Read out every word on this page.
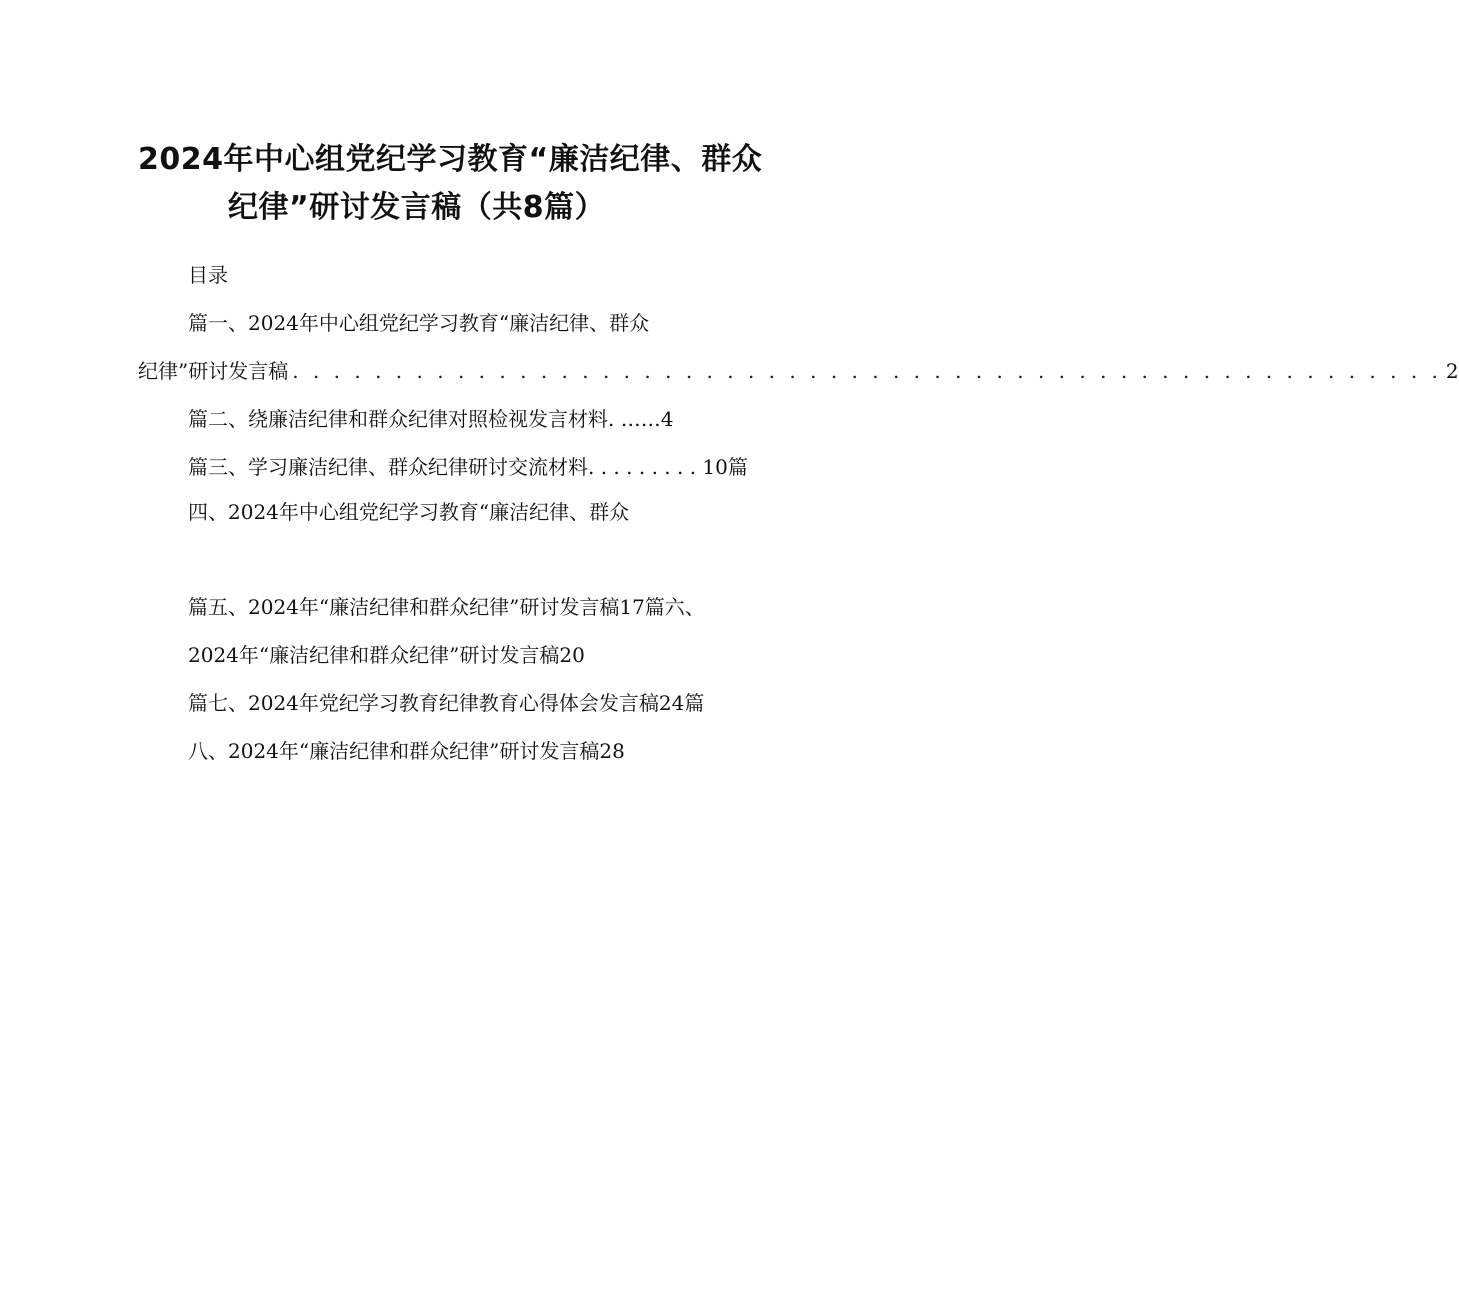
2024年中心组党纪学习教育“廉洁纪律、群众
纪律”研讨发言稿（共8篇）
目录
篇一、2024年中心组党纪学习教育“廉洁纪律、群众
纪律”研讨发言稿 . . . . . . . . . . . . . . . . . . . . . . . . . . . . . . . . . . . . . . . . . . . . . . . . . . . . . . . . 2
篇二、绕廉洁纪律和群众纪律对照检视发言材料. ……4
篇三、学习廉洁纪律、群众纪律研讨交流材料. . . . . . . . . 10篇
四、2024年中心组党纪学习教育“廉洁纪律、群众
篇五、2024年“廉洁纪律和群众纪律”研讨发言稿17篇六、
2024年“廉洁纪律和群众纪律”研讨发言稿20
篇七、2024年党纪学习教育纪律教育心得体会发言稿24篇
八、2024年“廉洁纪律和群众纪律”研讨发言稿28
